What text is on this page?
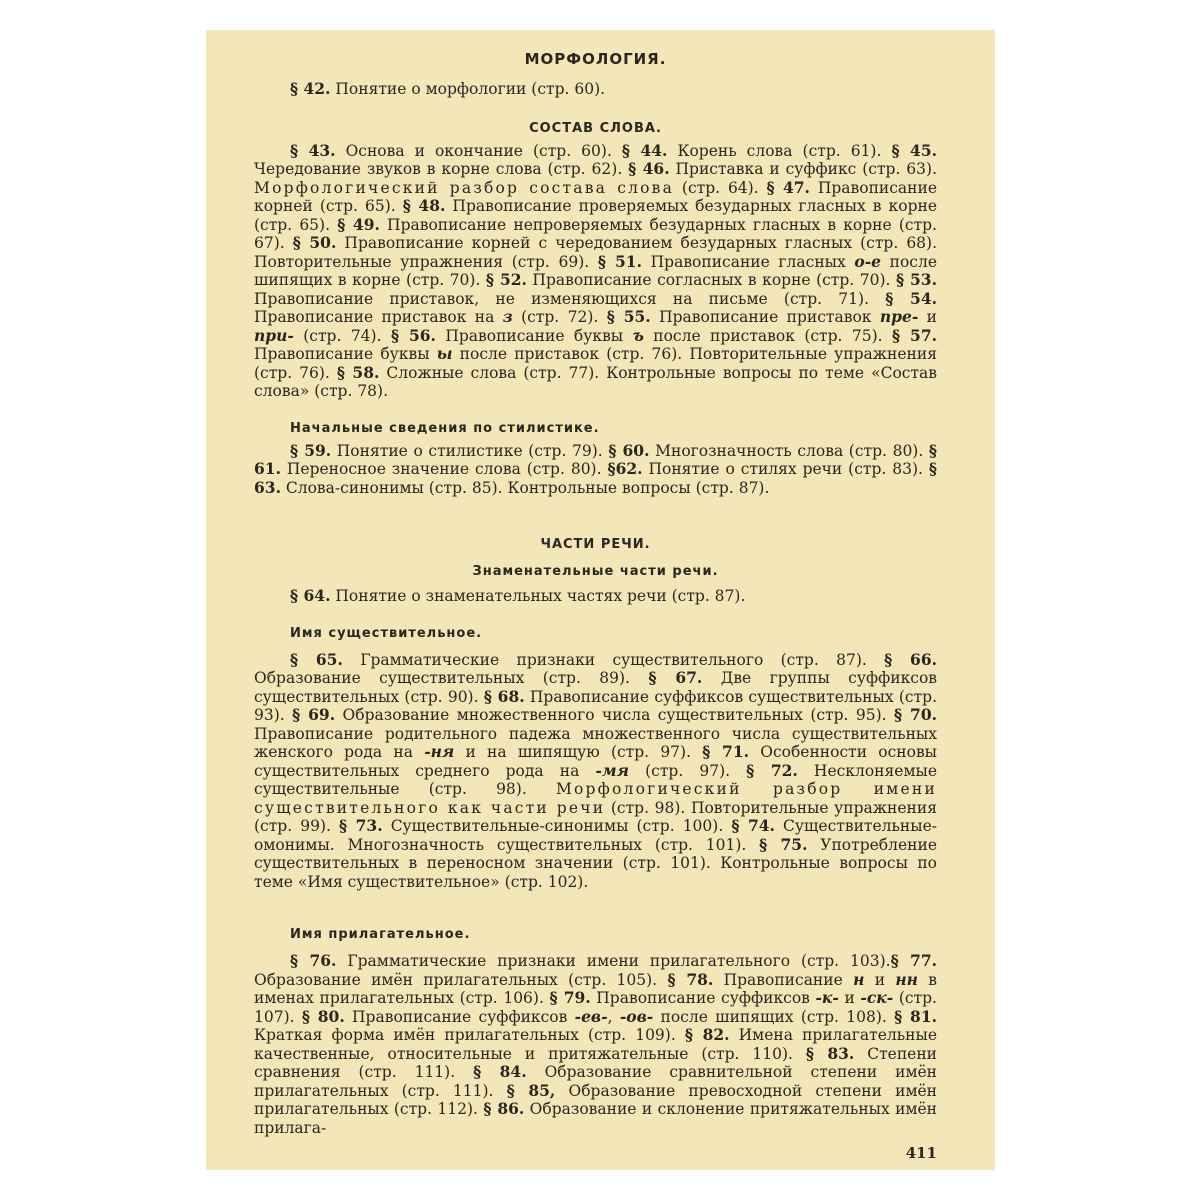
МОРФОЛОГИЯ.

§ 42. Понятие о морфологии (стр. 60).

СОСТАВ СЛОВА.

§ 43. Основа и окончание (стр. 60). § 44. Корень слова (стр. 61). § 45. Чередование звуков в корне слова (стр. 62). § 46. Приставка и суффикс (стр. 63). Морфологический разбор состава слова (стр. 64). § 47. Правописание корней (стр. 65). § 48. Правописание проверяемых безударных гласных в корне (стр. 65). § 49. Правописание непроверяемых безударных гласных в корне (стр. 67). § 50. Правописание корней с чередованием безударных гласных (стр. 68). Повторительные упражнения (стр. 69). § 51. Правописание гласных о-е после шипящих в корне (стр. 70). § 52. Правописание согласных в корне (стр. 70). § 53. Правописание приставок, не изменяющихся на письме (стр. 71). § 54. Правописание приставок на з (стр. 72). § 55. Правописание приставок пре- и при- (стр. 74). § 56. Правописание буквы ъ после приставок (стр. 75). § 57. Правописание буквы ы после приставок (стр. 76). Повторительные упражнения (стр. 76). § 58. Сложные слова (стр. 77). Контрольные вопросы по теме «Состав слова» (стр. 78).

Начальные сведения по стилистике.

§ 59. Понятие о стилистике (стр. 79). § 60. Многозначность слова (стр. 80). § 61. Переносное значение слова (стр. 80). §62. Понятие о стилях речи (стр. 83). § 63. Слова-синонимы (стр. 85). Контрольные вопросы (стр. 87).

ЧАСТИ РЕЧИ.
Знаменательные части речи.

§ 64. Понятие о знаменательных частях речи (стр. 87).

Имя существительное.

§ 65. Грамматические признаки существительного (стр. 87). § 66. Образование существительных (стр. 89). § 67. Две группы суффиксов существительных (стр. 90). § 68. Правописание суффиксов существительных (стр. 93). § 69. Образование множественного числа существительных (стр. 95). § 70. Правописание родительного падежа множественного числа существительных женского рода на -ня и на шипящую (стр. 97). § 71. Особенности основы существительных среднего рода на -мя (стр. 97). § 72. Несклоняемые существительные (стр. 98). Морфологический разбор имени существительного как части речи (стр. 98). Повторительные упражнения (стр. 99). § 73. Существительные-синонимы (стр. 100). § 74. Существительные-омонимы. Многозначность существительных (стр. 101). § 75. Употребление существительных в переносном значении (стр. 101). Контрольные вопросы по теме «Имя существительное» (стр. 102).

Имя прилагательное.

§ 76. Грамматические признаки имени прилагательного (стр. 103).§ 77. Образование имён прилагательных (стр. 105). § 78. Правописание н и нн в именах прилагательных (стр. 106). § 79. Правописание суффиксов -к- и -ск- (стр. 107). § 80. Правописание суффиксов -ев-, -ов- после шипящих (стр. 108). § 81. Краткая форма имён прилагательных (стр. 109). § 82. Имена прилагательные качественные, относительные и притяжательные (стр. 110). § 83. Степени сравнения (стр. 111). § 84. Образование сравнительной степени имён прилагательных (стр. 111). § 85, Образование превосходной степени имён прилагательных (стр. 112). § 86. Образование и склонение притяжательных имён прилага-

411
